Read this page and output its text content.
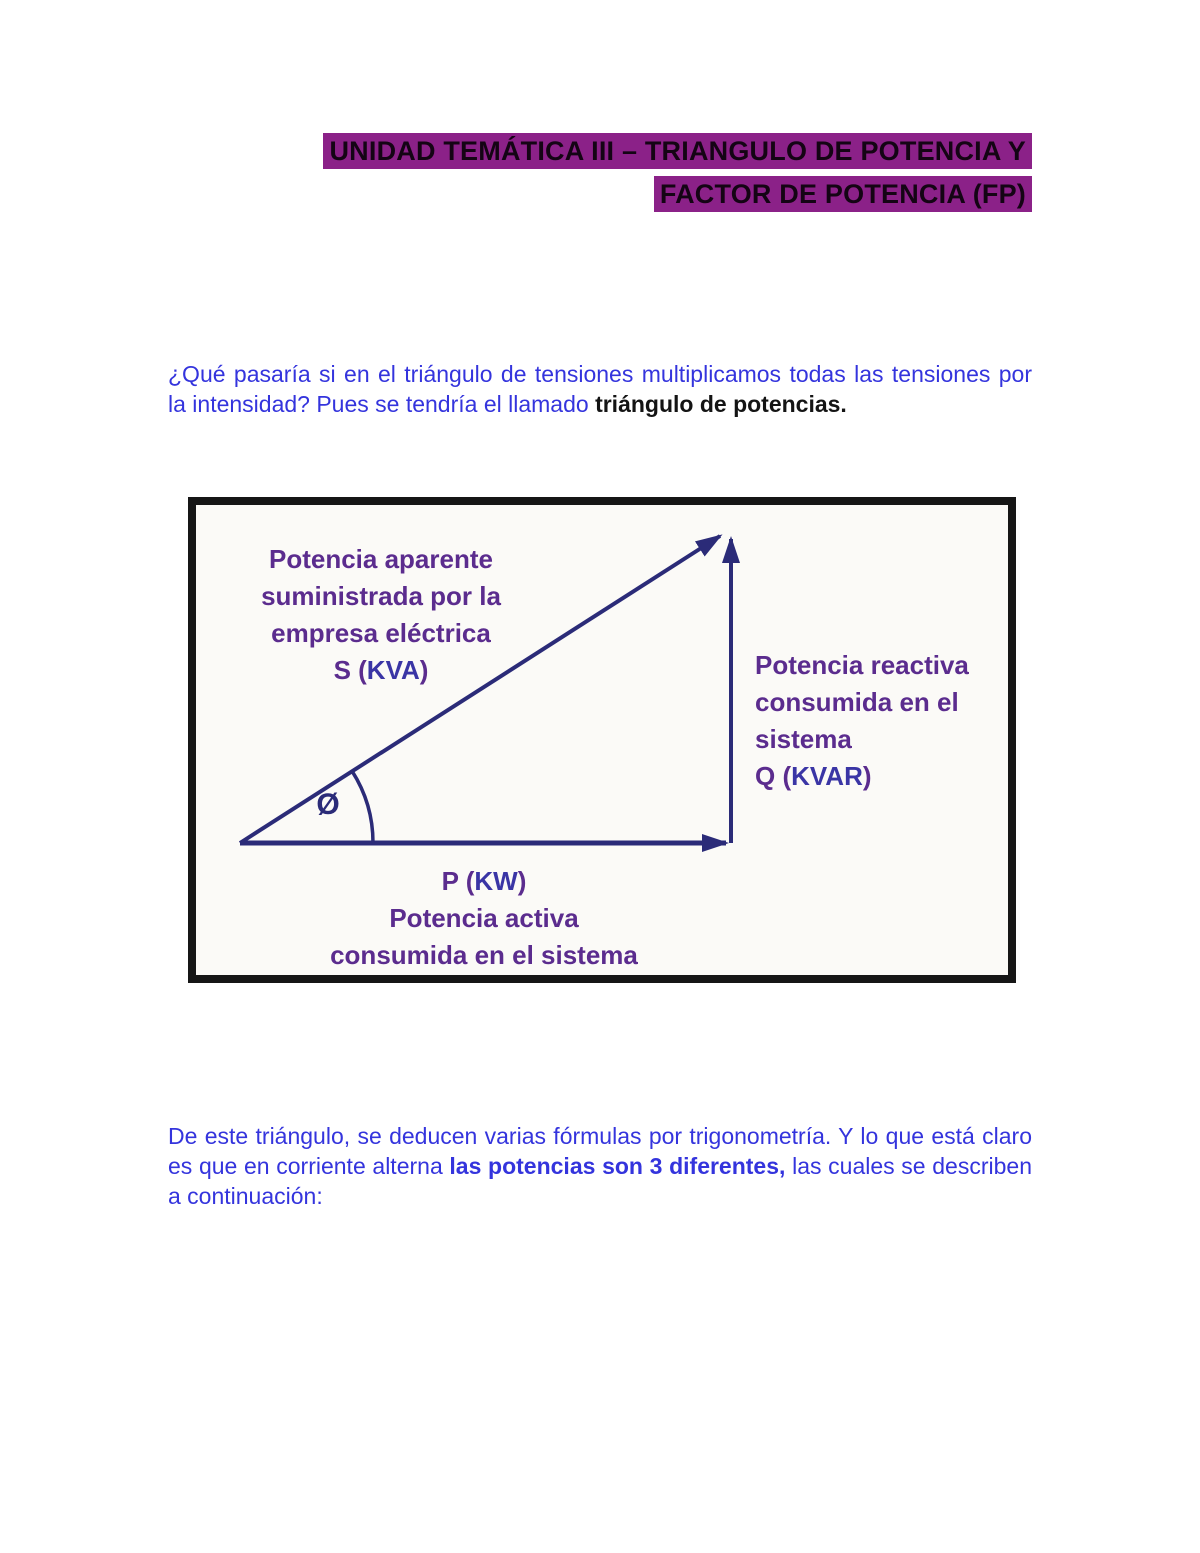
UNIDAD TEMÁTICA III – TRIANGULO DE POTENCIA Y
FACTOR DE POTENCIA (FP)

¿Qué pasaría si en el triángulo de tensiones multiplicamos todas las tensiones por la intensidad? Pues se tendría el llamado triángulo de potencias.

Potencia aparente
suministrada por la
empresa eléctrica
S (KVA)	Potencia reactiva
consumida en el
sistema
Q (KVAR)
P (KW)
Potencia activa
consumida en el sistema
Ø

De este triángulo, se deducen varias fórmulas por trigonometría. Y lo que está claro es que en corriente alterna las potencias son 3 diferentes, las cuales se describen a continuación:
